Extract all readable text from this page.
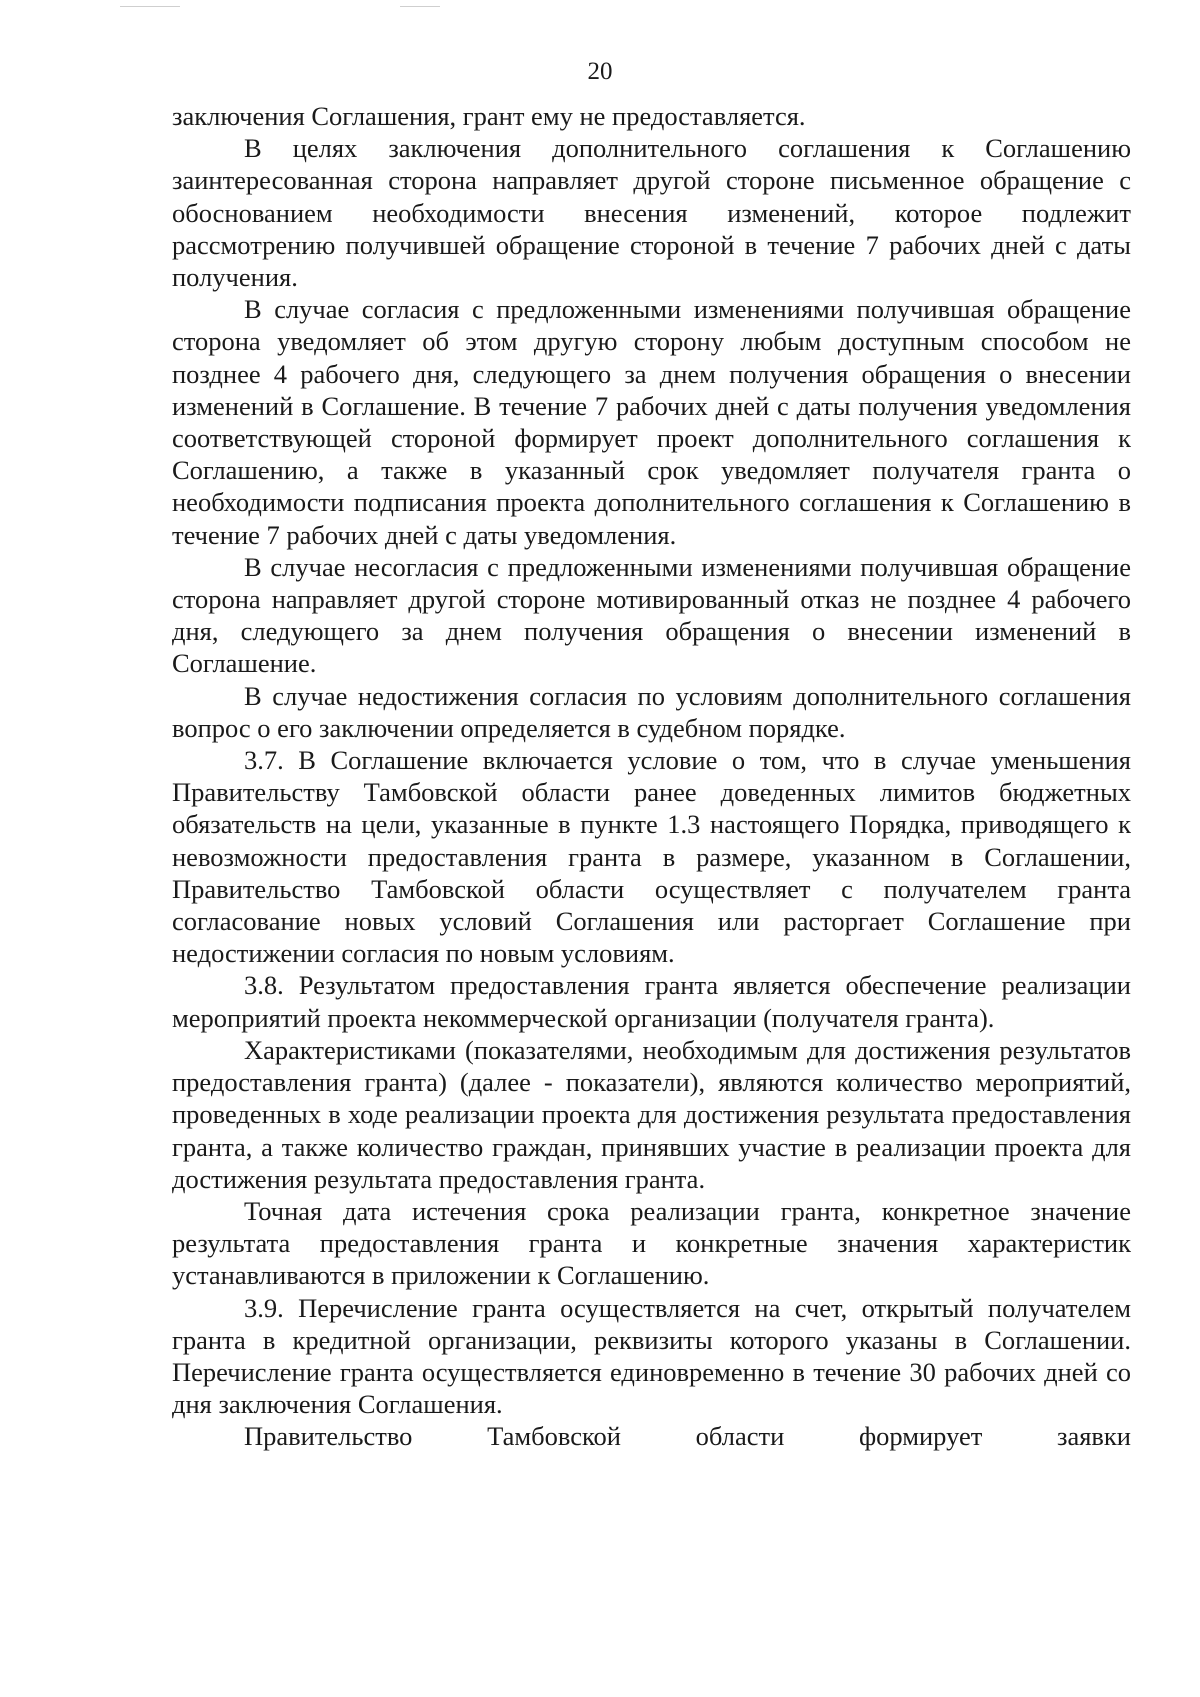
20

заключения Соглашения, грант ему не предоставляется.

В целях заключения дополнительного соглашения к Соглашению заинтересованная сторона направляет другой стороне письменное обращение с обоснованием необходимости внесения изменений, которое подлежит рассмотрению получившей обращение стороной в течение 7 рабочих дней с даты получения.

В случае согласия с предложенными изменениями получившая обращение сторона уведомляет об этом другую сторону любым доступным способом не позднее 4 рабочего дня, следующего за днем получения обращения о внесении изменений в Соглашение. В течение 7 рабочих дней с даты получения уведомления соответствующей стороной формирует проект дополнительного соглашения к Соглашению, а также в указанный срок уведомляет получателя гранта о необходимости подписания проекта дополнительного соглашения к Соглашению в течение 7 рабочих дней с даты уведомления.

В случае несогласия с предложенными изменениями получившая обращение сторона направляет другой стороне мотивированный отказ не позднее 4 рабочего дня, следующего за днем получения обращения о внесении изменений в Соглашение.

В случае недостижения согласия по условиям дополнительного соглашения вопрос о его заключении определяется в судебном порядке.

3.7. В Соглашение включается условие о том, что в случае уменьшения Правительству Тамбовской области ранее доведенных лимитов бюджетных обязательств на цели, указанные в пункте 1.3 настоящего Порядка, приводящего к невозможности предоставления гранта в размере, указанном в Соглашении, Правительство Тамбовской области осуществляет с получателем гранта согласование новых условий Соглашения или расторгает Соглашение при недостижении согласия по новым условиям.

3.8. Результатом предоставления гранта является обеспечение реализации мероприятий проекта некоммерческой организации (получателя гранта).

Характеристиками (показателями, необходимым для достижения результатов предоставления гранта) (далее - показатели), являются количество мероприятий, проведенных в ходе реализации проекта для достижения результата предоставления гранта, а также количество граждан, принявших участие в реализации проекта для достижения результата предоставления гранта.

Точная дата истечения срока реализации гранта, конкретное значение результата предоставления гранта и конкретные значения характеристик устанавливаются в приложении к Соглашению.

3.9. Перечисление гранта осуществляется на счет, открытый получателем гранта в кредитной организации, реквизиты которого указаны в Соглашении. Перечисление гранта осуществляется единовременно в течение 30 рабочих дней со дня заключения Соглашения.

Правительство Тамбовской области формирует заявки
